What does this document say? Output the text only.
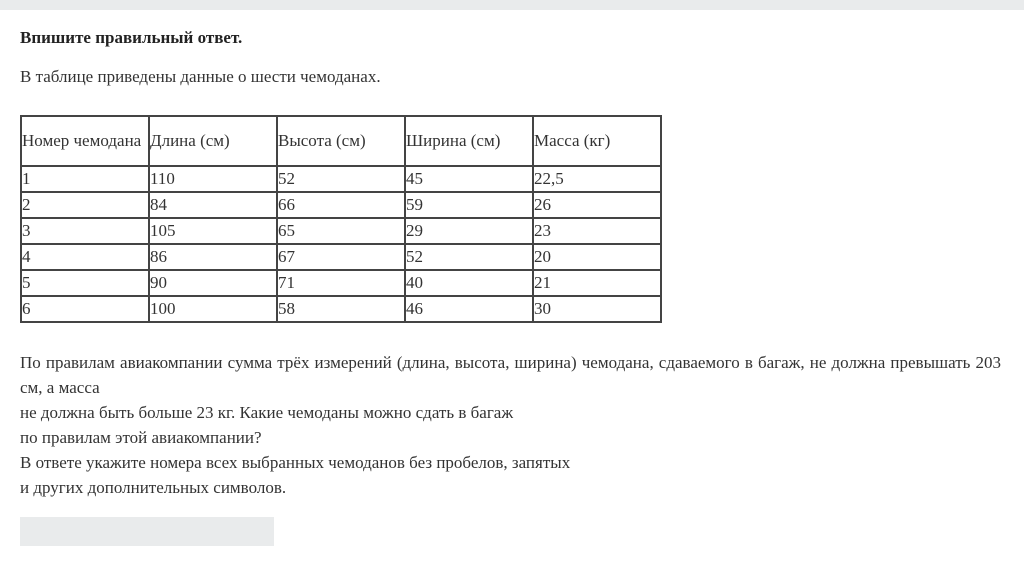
Впишите правильный ответ.

В таблице приведены данные о шести чемоданах.

Номер чемодана	Длина (см)	Высота (см)	Ширина (см)	Масса (кг)
1	110	52	45	22,5
2	84	66	59	26
3	105	65	29	23
4	86	67	52	20
5	90	71	40	21
6	100	58	46	30

По правилам авиакомпании сумма трёх измерений (длина, высота, ширина) чемодана, сдаваемого в багаж, не должна превышать 203 см, а масса
не должна быть больше 23 кг. Какие чемоданы можно сдать в багаж
по правилам этой авиакомпании?
В ответе укажите номера всех выбранных чемоданов без пробелов, запятых
и других дополнительных символов.
